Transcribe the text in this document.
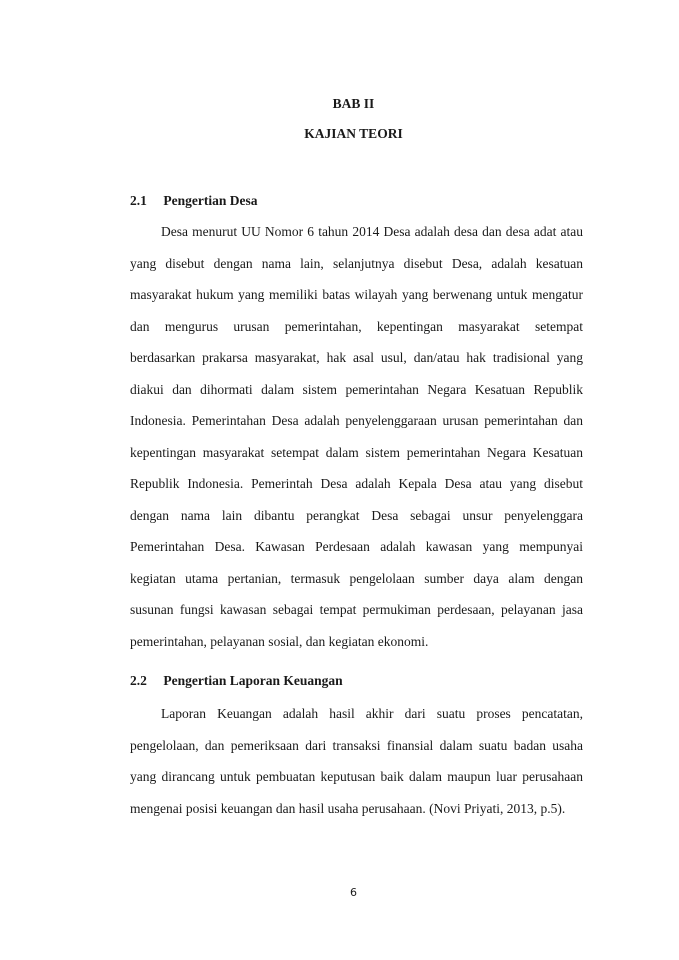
BAB II
KAJIAN TEORI
2.1 Pengertian Desa
Desa menurut UU Nomor 6 tahun 2014 Desa adalah desa dan desa adat atau
yang disebut dengan nama lain, selanjutnya disebut Desa, adalah kesatuan
masyarakat hukum yang memiliki batas wilayah yang berwenang untuk mengatur
dan mengurus urusan pemerintahan, kepentingan masyarakat setempat
berdasarkan prakarsa masyarakat, hak asal usul, dan/atau hak tradisional yang
diakui dan dihormati dalam sistem pemerintahan Negara Kesatuan Republik
Indonesia. Pemerintahan Desa adalah penyelenggaraan urusan pemerintahan dan
kepentingan masyarakat setempat dalam sistem pemerintahan Negara Kesatuan
Republik Indonesia. Pemerintah Desa adalah Kepala Desa atau yang disebut
dengan nama lain dibantu perangkat Desa sebagai unsur penyelenggara
Pemerintahan Desa. Kawasan Perdesaan adalah kawasan yang mempunyai
kegiatan utama pertanian, termasuk pengelolaan sumber daya alam dengan
susunan fungsi kawasan sebagai tempat permukiman perdesaan, pelayanan jasa
pemerintahan, pelayanan sosial, dan kegiatan ekonomi.
2.2 Pengertian Laporan Keuangan
Laporan Keuangan adalah hasil akhir dari suatu proses pencatatan,
pengelolaan, dan pemeriksaan dari transaksi finansial dalam suatu badan usaha
yang dirancang untuk pembuatan keputusan baik dalam maupun luar perusahaan
mengenai posisi keuangan dan hasil usaha perusahaan. (Novi Priyati, 2013, p.5).
6
